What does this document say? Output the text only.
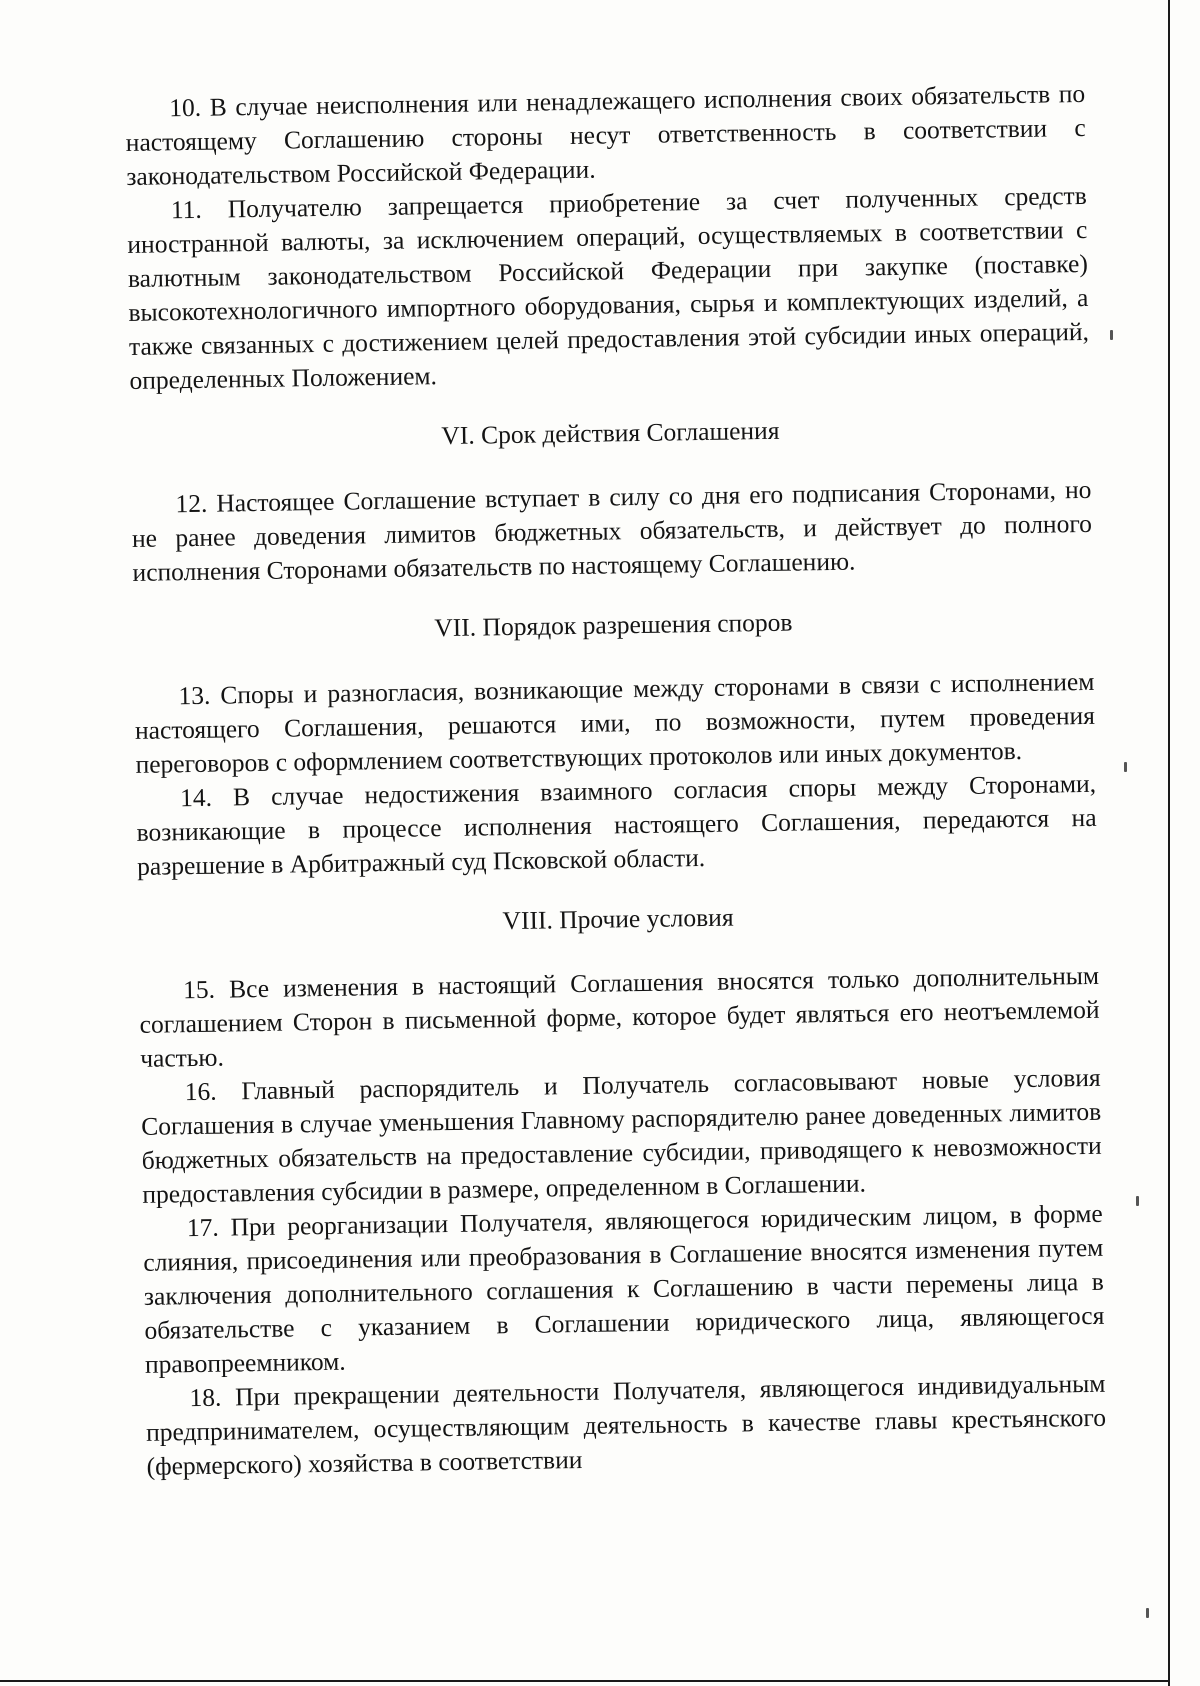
10. В случае неисполнения или ненадлежащего исполнения своих обязательств по настоящему Соглашению стороны несут ответственность в соответствии с законодательством Российской Федерации.

11. Получателю запрещается приобретение за счет полученных средств иностранной валюты, за исключением операций, осуществляемых в соответствии с валютным законодательством Российской Федерации при закупке (поставке) высокотехнологичного импортного оборудования, сырья и комплектующих изделий, а также связанных с достижением целей предоставления этой субсидии иных операций, определенных Положением.

VI. Срок действия Соглашения

12. Настоящее Соглашение вступает в силу со дня его подписания Сторонами, но не ранее доведения лимитов бюджетных обязательств, и действует до полного исполнения Сторонами обязательств по настоящему Соглашению.

VII. Порядок разрешения споров

13. Споры и разногласия, возникающие между сторонами в связи с исполнением настоящего Соглашения, решаются ими, по возможности, путем проведения переговоров с оформлением соответствующих протоколов или иных документов.

14. В случае недостижения взаимного согласия споры между Сторонами, возникающие в процессе исполнения настоящего Соглашения, передаются на разрешение в Арбитражный суд Псковской области.

VIII. Прочие условия

15. Все изменения в настоящий Соглашения вносятся только дополнительным соглашением Сторон в письменной форме, которое будет являться его неотъемлемой частью.

16. Главный распорядитель и Получатель согласовывают новые условия Соглашения в случае уменьшения Главному распорядителю ранее доведенных лимитов бюджетных обязательств на предоставление субсидии, приводящего к невозможности предоставления субсидии в размере, определенном в Соглашении.

17. При реорганизации Получателя, являющегося юридическим лицом, в форме слияния, присоединения или преобразования в Соглашение вносятся изменения путем заключения дополнительного соглашения к Соглашению в части перемены лица в обязательстве с указанием в Соглашении юридического лица, являющегося правопреемником.

18. При прекращении деятельности Получателя, являющегося индивидуальным предпринимателем, осуществляющим деятельность в качестве главы крестьянского (фермерского) хозяйства в соответствии
